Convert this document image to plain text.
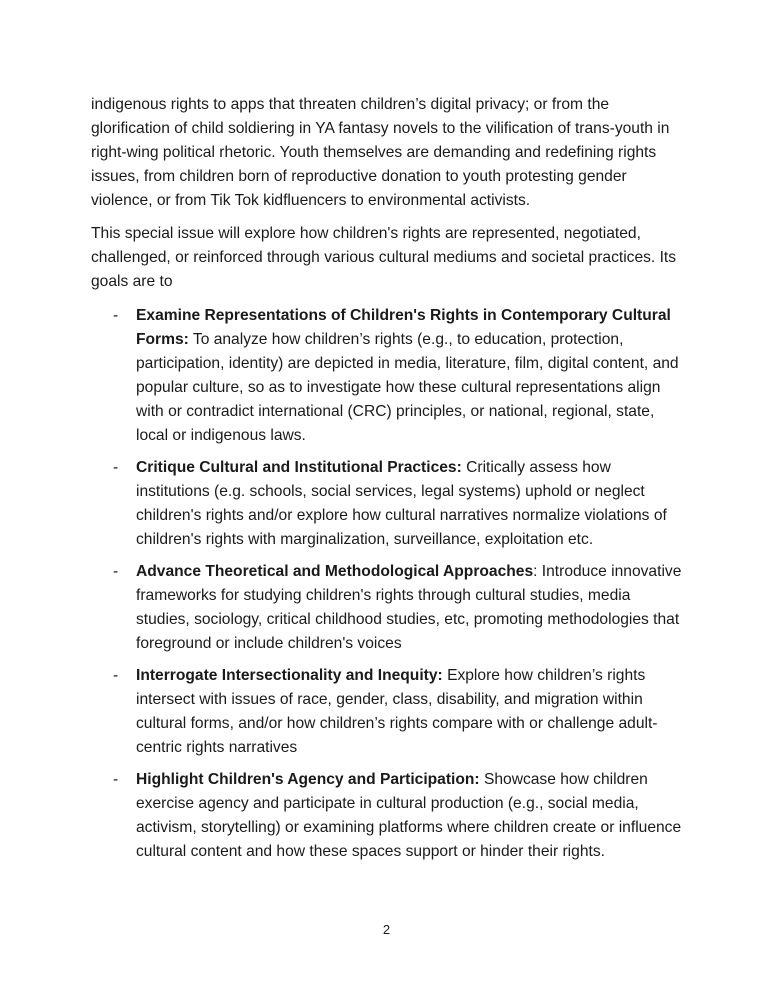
indigenous rights to apps that threaten children’s digital privacy; or from the glorification of child soldiering in YA fantasy novels to the vilification of trans-youth in right-wing political rhetoric. Youth themselves are demanding and redefining rights issues, from children born of reproductive donation to youth protesting gender violence, or from Tik Tok kidfluencers to environmental activists.

This special issue will explore how children's rights are represented, negotiated, challenged, or reinforced through various cultural mediums and societal practices. Its goals are to

- Examine Representations of Children's Rights in Contemporary Cultural Forms: To analyze how children’s rights (e.g., to education, protection, participation, identity) are depicted in media, literature, film, digital content, and popular culture, so as to investigate how these cultural representations align with or contradict international (CRC) principles, or national, regional, state, local or indigenous laws.
- Critique Cultural and Institutional Practices: Critically assess how institutions (e.g. schools, social services, legal systems) uphold or neglect children's rights and/or explore how cultural narratives normalize violations of children's rights with marginalization, surveillance, exploitation etc.
- Advance Theoretical and Methodological Approaches: Introduce innovative frameworks for studying children's rights through cultural studies, media studies, sociology, critical childhood studies, etc, promoting methodologies that foreground or include children's voices
- Interrogate Intersectionality and Inequity: Explore how children’s rights intersect with issues of race, gender, class, disability, and migration within cultural forms, and/or how children’s rights compare with or challenge adult-centric rights narratives
- Highlight Children's Agency and Participation: Showcase how children exercise agency and participate in cultural production (e.g., social media, activism, storytelling) or examining platforms where children create or influence cultural content and how these spaces support or hinder their rights.
2
